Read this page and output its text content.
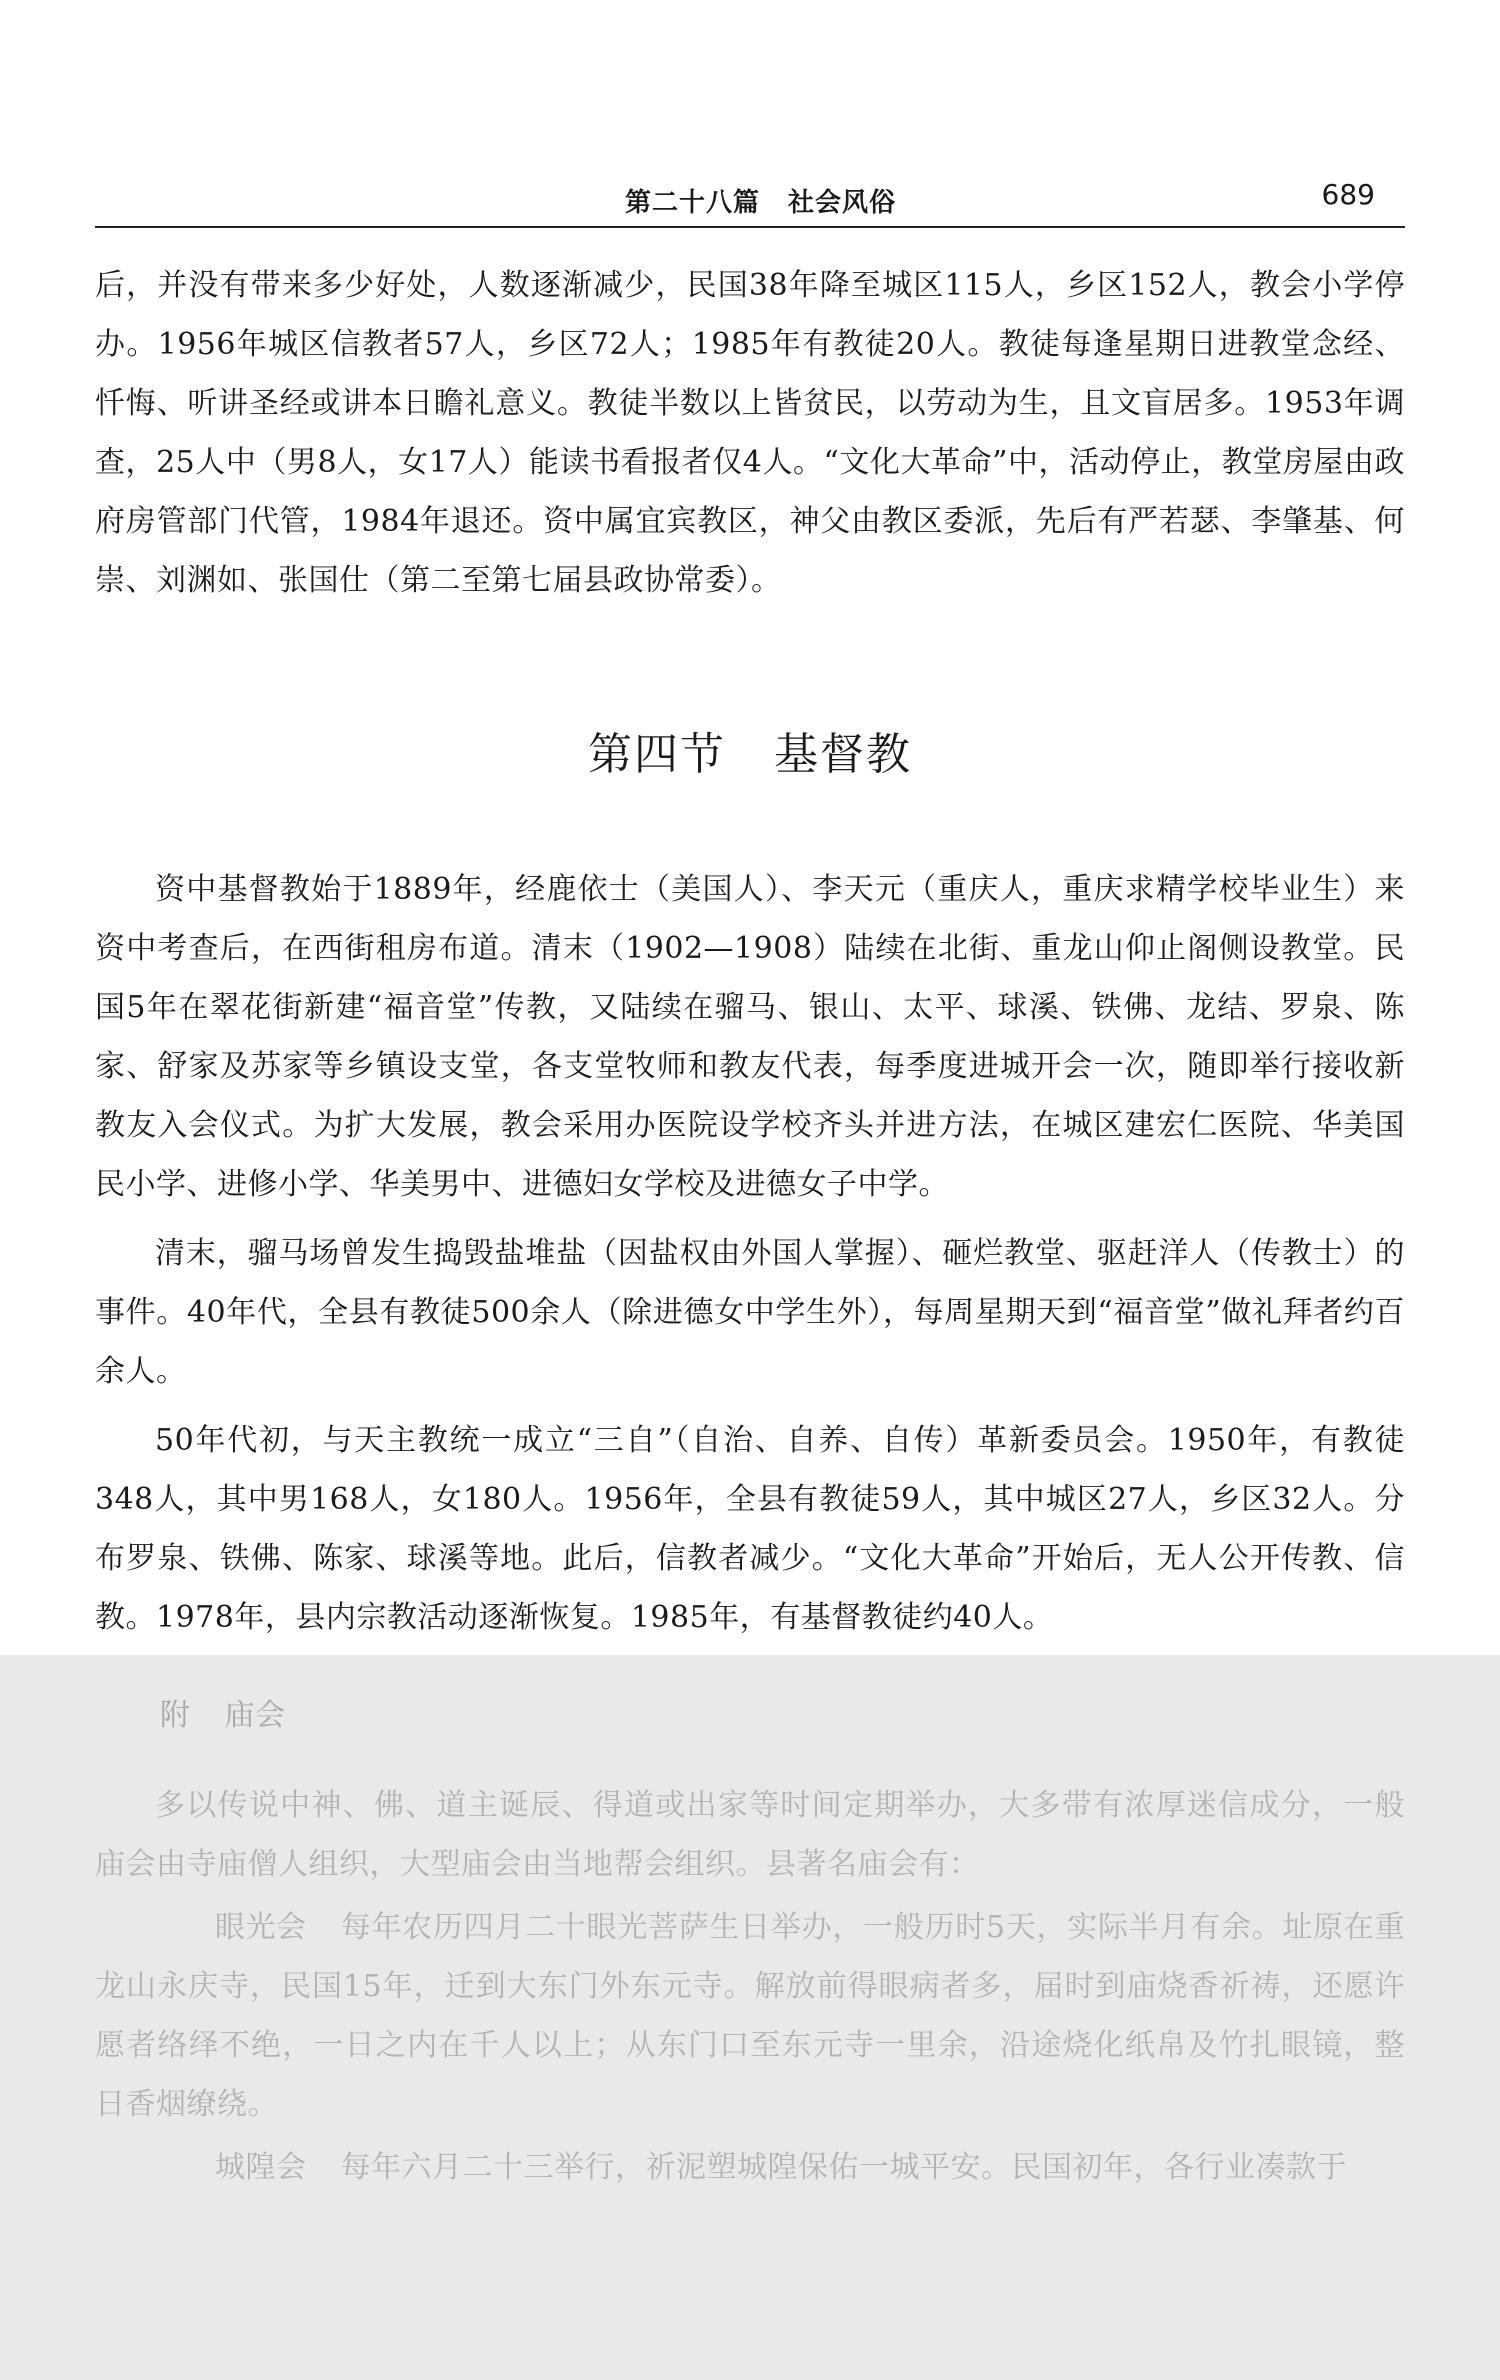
第二十八篇 社会风俗	689

后，并没有带来多少好处，人数逐渐减少，民国38年降至城区115人，乡区152人，教会小学停办。1956年城区信教者57人，乡区72人；1985年有教徒20人。教徒每逢星期日进教堂念经、忏悔、听讲圣经或讲本日瞻礼意义。教徒半数以上皆贫民，以劳动为生，且文盲居多。1953年调查，25人中（男8人，女17人）能读书看报者仅4人。“文化大革命”中，活动停止，教堂房屋由政府房管部门代管，1984年退还。资中属宜宾教区，神父由教区委派，先后有严若瑟、李肇基、何崇、刘渊如、张国仕（第二至第七届县政协常委）。

第四节 基督教

资中基督教始于1889年，经鹿依士（美国人）、李天元（重庆人，重庆求精学校毕业生）来资中考查后，在西街租房布道。清末（1902—1908）陆续在北街、重龙山仰止阁侧设教堂。民国5年在翠花街新建“福音堂”传教，又陆续在骝马、银山、太平、球溪、铁佛、龙结、罗泉、陈家、舒家及苏家等乡镇设支堂，各支堂牧师和教友代表，每季度进城开会一次，随即举行接收新教友入会仪式。为扩大发展，教会采用办医院设学校齐头并进方法，在城区建宏仁医院、华美国民小学、进修小学、华美男中、进德妇女学校及进德女子中学。

清末，骝马场曾发生捣毁盐堆盐（因盐权由外国人掌握）、砸烂教堂、驱赶洋人（传教士）的事件。40年代，全县有教徒500余人（除进德女中学生外），每周星期天到“福音堂”做礼拜者约百余人。

50年代初，与天主教统一成立“三自”（自治、自养、自传）革新委员会。1950年，有教徒348人，其中男168人，女180人。1956年，全县有教徒59人，其中城区27人，乡区32人。分布罗泉、铁佛、陈家、球溪等地。此后，信教者减少。“文化大革命”开始后，无人公开传教、信教。1978年，县内宗教活动逐渐恢复。1985年，有基督教徒约40人。

附 庙会

多以传说中神、佛、道主诞辰、得道或出家等时间定期举办，大多带有浓厚迷信成分，一般庙会由寺庙僧人组织，大型庙会由当地帮会组织。县著名庙会有：

眼光会 每年农历四月二十眼光菩萨生日举办，一般历时5天，实际半月有余。址原在重龙山永庆寺，民国15年，迁到大东门外东元寺。解放前得眼病者多，届时到庙烧香祈祷，还愿许愿者络绎不绝，一日之内在千人以上；从东门口至东元寺一里余，沿途烧化纸帛及竹扎眼镜，整日香烟缭绕。

城隍会 每年六月二十三举行，祈泥塑城隍保佑一城平安。民国初年，各行业凑款于
